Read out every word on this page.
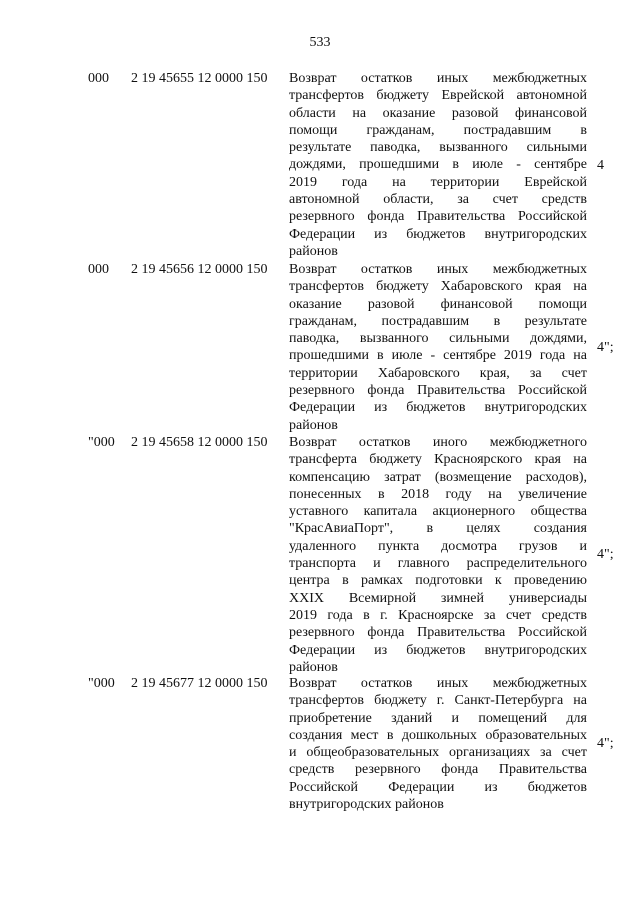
533
000 2 19 45655 12 0000 150 Возврат остатков иных межбюджетных
трансфертов бюджету Еврейской автономной
области на оказание разовой финансовой
помощи гражданам, пострадавшим в
результате паводка, вызванного сильными
дождями, прошедшими в июле - сентябре
2019 года на территории Еврейской
автономной области, за счет средств
резервного фонда Правительства Российской
Федерации из бюджетов внутригородских
районов
4
000 2 19 45656 12 0000 150 Возврат остатков иных межбюджетных
трансфертов бюджету Хабаровского края на
оказание разовой финансовой помощи
гражданам, пострадавшим в результате
паводка, вызванного сильными дождями,
прошедшими в июле - сентябре 2019 года на
территории Хабаровского края, за счет
резервного фонда Правительства Российской
Федерации из бюджетов внутригородских
районов
4";
"000 2 19 45658 12 0000 150 Возврат остатков иного межбюджетного
трансферта бюджету Красноярского края на
компенсацию затрат (возмещение расходов),
понесенных в 2018 году на увеличение
уставного капитала акционерного общества
"КрасАвиаПорт", в целях создания
удаленного пункта досмотра грузов и
транспорта и главного распределительного
центра в рамках подготовки к проведению
XXIX Всемирной зимней универсиады
2019 года в г. Красноярске за счет средств
резервного фонда Правительства Российской
Федерации из бюджетов внутригородских
районов
4";
"000 2 19 45677 12 0000 150 Возврат остатков иных межбюджетных
трансфертов бюджету г. Санкт-Петербурга на
приобретение зданий и помещений для
создания мест в дошкольных образовательных
и общеобразовательных организациях за счет
средств резервного фонда Правительства
Российской Федерации из бюджетов
внутригородских районов
4";
